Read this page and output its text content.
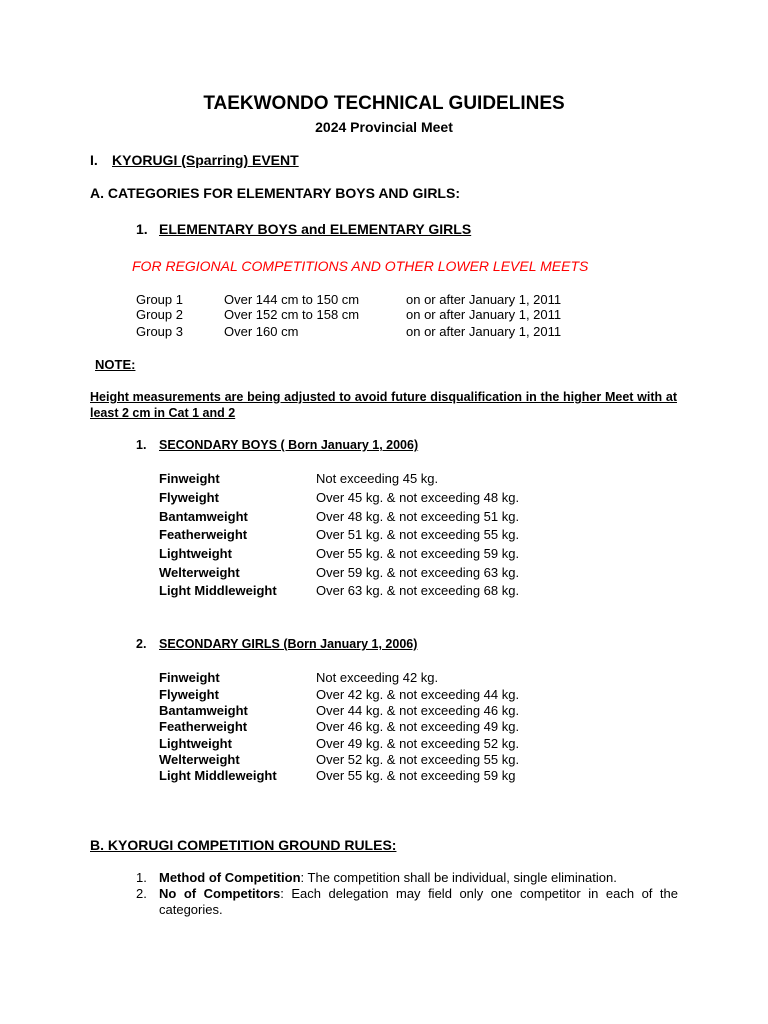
TAEKWONDO TECHNICAL GUIDELINES
2024 Provincial Meet
I. KYORUGI (Sparring) EVENT
A. CATEGORIES FOR ELEMENTARY BOYS AND GIRLS:
1. ELEMENTARY BOYS and ELEMENTARY GIRLS
FOR REGIONAL COMPETITIONS AND OTHER LOWER LEVEL MEETS
Group 1	Over 144 cm to 150 cm	on or after January 1, 2011
Group 2	Over 152 cm to 158 cm	on or after January 1, 2011
Group 3	Over 160 cm	on or after January 1, 2011
NOTE:
Height measurements are being adjusted to avoid future disqualification in the higher Meet with at least 2 cm in Cat 1 and 2
1. SECONDARY BOYS ( Born January 1, 2006)
Finweight	Not exceeding 45 kg.
Flyweight	Over 45 kg. & not exceeding 48 kg.
Bantamweight	Over 48 kg. & not exceeding 51 kg.
Featherweight	Over 51 kg. & not exceeding 55 kg.
Lightweight	Over 55 kg. & not exceeding 59 kg.
Welterweight	Over 59 kg. & not exceeding 63 kg.
Light Middleweight	Over 63 kg. & not exceeding 68 kg.
2. SECONDARY GIRLS (Born January 1, 2006)
Finweight	Not exceeding 42 kg.
Flyweight	Over 42 kg. & not exceeding 44 kg.
Bantamweight	Over 44 kg. & not exceeding 46 kg.
Featherweight	Over 46 kg. & not exceeding 49 kg.
Lightweight	Over 49 kg. & not exceeding 52 kg.
Welterweight	Over 52 kg. & not exceeding 55 kg.
Light Middleweight	Over 55 kg. & not exceeding 59 kg
B. KYORUGI COMPETITION GROUND RULES:
1. Method of Competition: The competition shall be individual, single elimination.
2. No of Competitors: Each delegation may field only one competitor in each of the categories.
